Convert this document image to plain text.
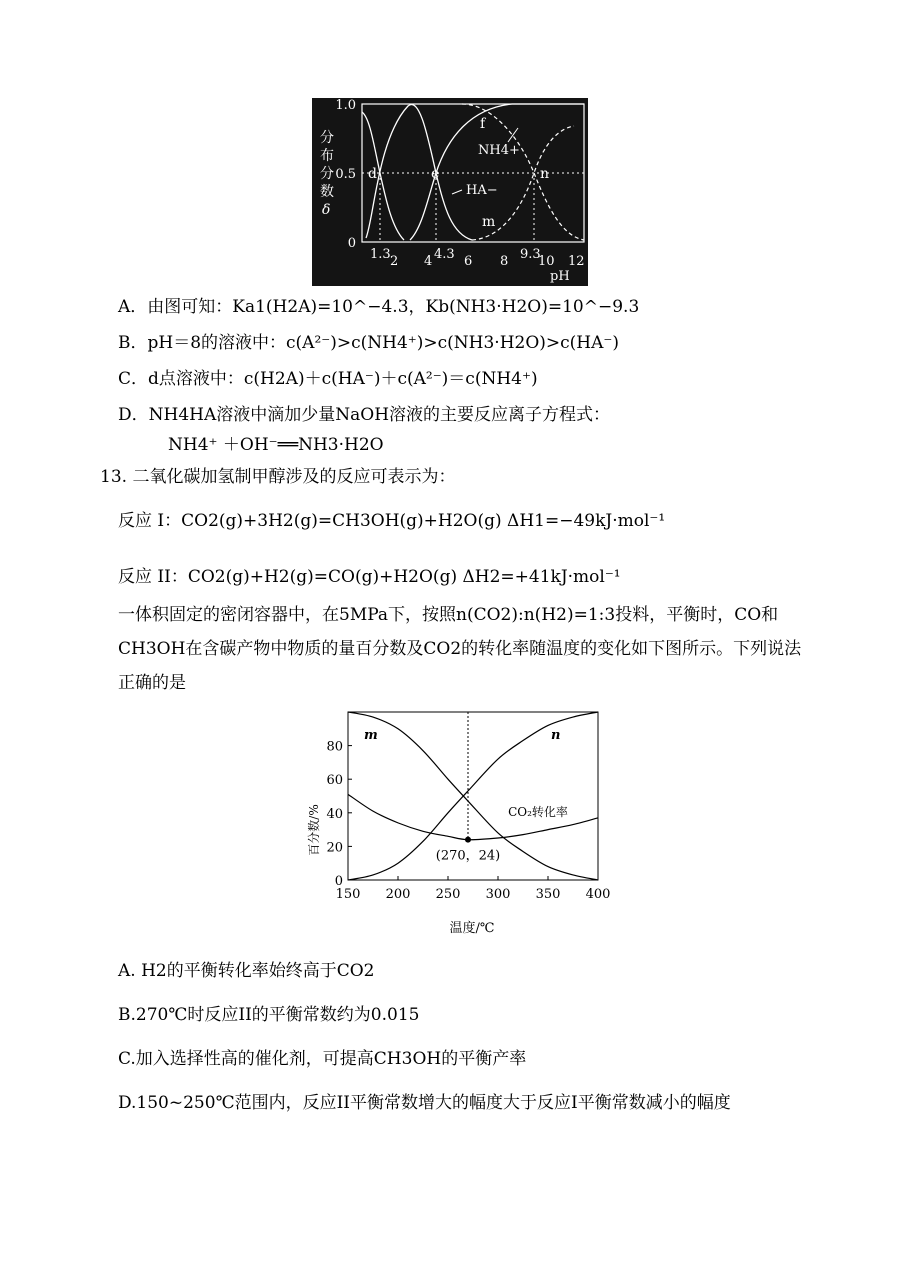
1.0
0.5
0
分
布
分
数
δ
d	e	n
f
m
NH4+
HA−
1.3 2 4 4.3 6 8 9.3
10 12
pH
A．由图可知：Ka1(H2A)=10^−4.3，Kb(NH3·H2O)=10^−9.3
B．pH＝8的溶液中：c(A²⁻)>c(NH4⁺)>c(NH3·H2O)>c(HA⁻)
C．d点溶液中：c(H2A)＋c(HA⁻)＋c(A²⁻)＝c(NH4⁺)
D．NH4HA溶液中滴加少量NaOH溶液的主要反应离子方程式：
NH4⁺ ＋OH⁻══NH3·H2O
13. 二氧化碳加氢制甲醇涉及的反应可表示为：
反应 I：CO2(g)+3H2(g)=CH3OH(g)+H2O(g) ΔH1=−49kJ·mol⁻¹
反应 II：CO2(g)+H2(g)=CO(g)+H2O(g) ΔH2=+41kJ·mol⁻¹
一体积固定的密闭容器中，在5MPa下，按照n(CO2):n(H2)=1:3投料，平衡时，CO和CH3OH在含碳产物中物质的量百分数及CO2的转化率随温度的变化如下图所示。下列说法正确的是
百分数/%
温度/℃
150 200 250 300 350 400
0
20
40
60
80
m	n
CO₂转化率
(270，24)
A. H2的平衡转化率始终高于CO2
B.270℃时反应II的平衡常数约为0.015
C.加入选择性高的催化剂，可提高CH3OH的平衡产率
D.150~250℃范围内，反应II平衡常数增大的幅度大于反应I平衡常数减小的幅度
